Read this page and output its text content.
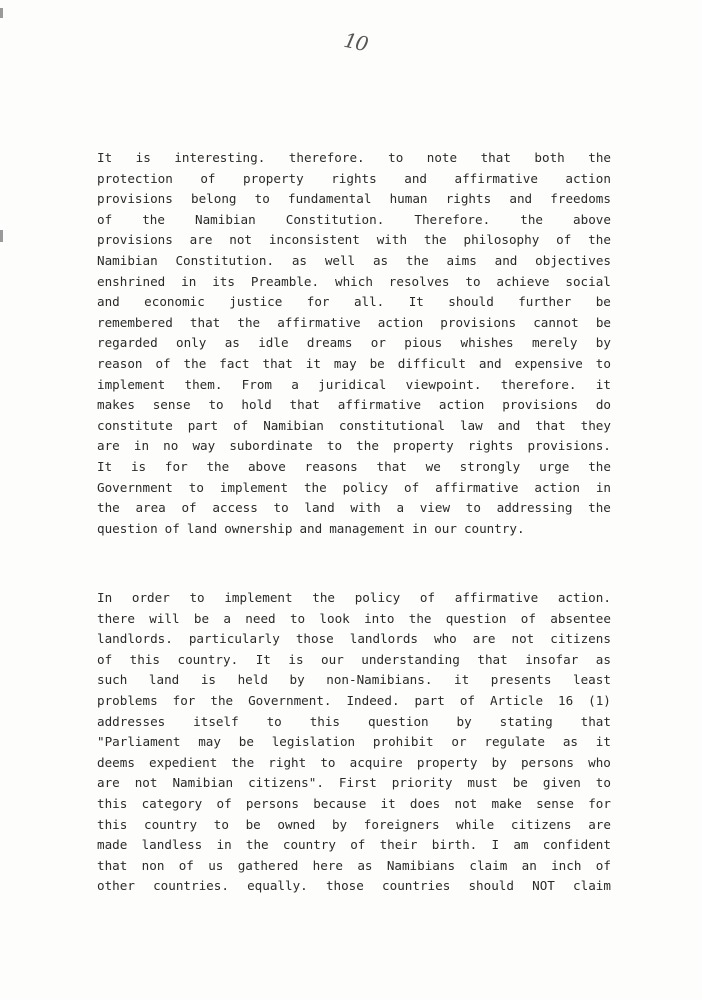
10
It is interesting. therefore. to note that both the
protection of property rights and affirmative action
provisions belong to fundamental human rights and freedoms
of the Namibian Constitution. Therefore. the above
provisions are not inconsistent with the philosophy of the
Namibian Constitution. as well as the aims and objectives
enshrined in its Preamble. which resolves to achieve social
and economic justice for all. It should further be
remembered that the affirmative action provisions cannot be
regarded only as idle dreams or pious whishes merely by
reason of the fact that it may be difficult and expensive to
implement them. From a juridical viewpoint. therefore. it
makes sense to hold that affirmative action provisions do
constitute part of Namibian constitutional law and that they
are in no way subordinate to the property rights provisions.
It is for the above reasons that we strongly urge the
Government to implement the policy of affirmative action in
the area of access to land with a view to addressing the
question of land ownership and management in our country.
In order to implement the policy of affirmative action.
there will be a need to look into the question of absentee
landlords. particularly those landlords who are not citizens
of this country. It is our understanding that insofar as
such land is held by non-Namibians. it presents least
problems for the Government. Indeed. part of Article 16 (1)
addresses itself to this question by stating that
"Parliament may be legislation prohibit or regulate as it
deems expedient the right to acquire property by persons who
are not Namibian citizens". First priority must be given to
this category of persons because it does not make sense for
this country to be owned by foreigners while citizens are
made landless in the country of their birth. I am confident
that non of us gathered here as Namibians claim an inch of
other countries. equally. those countries should NOT claim
